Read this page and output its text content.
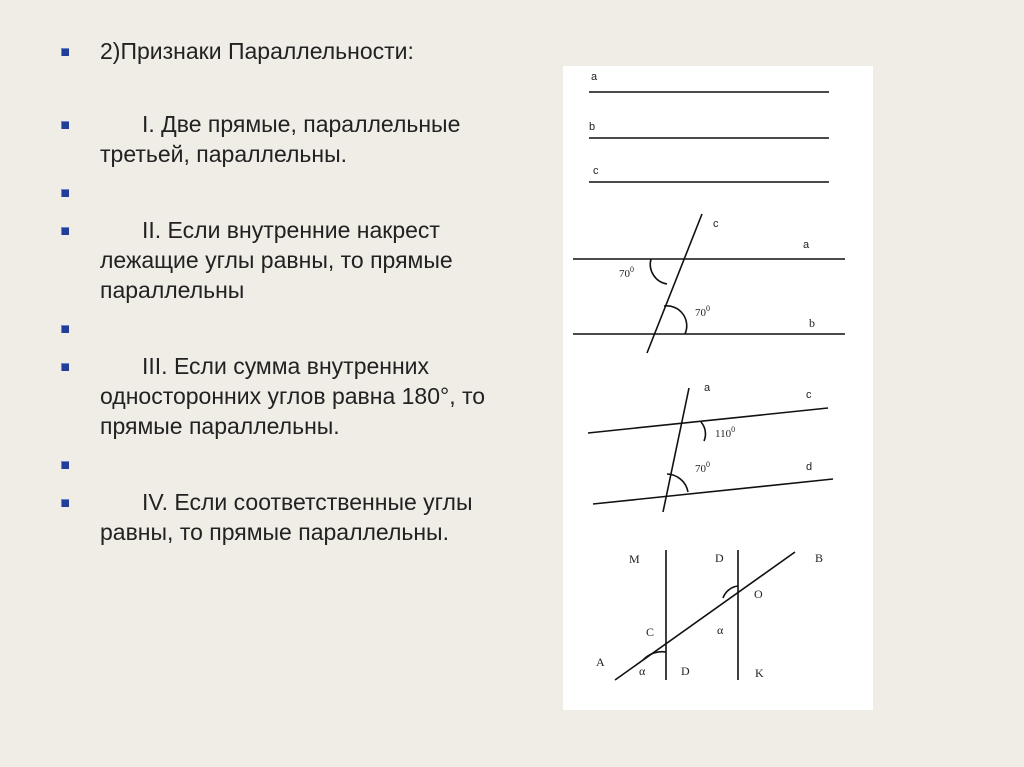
2)Признаки Параллельности:
I. Две прямые, параллельные третьей, параллельны.
II. Если внутренние накрест лежащие углы равны, то прямые параллельны
III. Если сумма внутренних односторонних углов равна 180°, то прямые параллельны.
IV. Если соответственные углы равны, то прямые параллельны.
a
b
c
c
a
b
$70^0$
$70^0$
a
c
d
$110^0$
$70^0$
M	D	B
O
C	α
A
α	D	K
